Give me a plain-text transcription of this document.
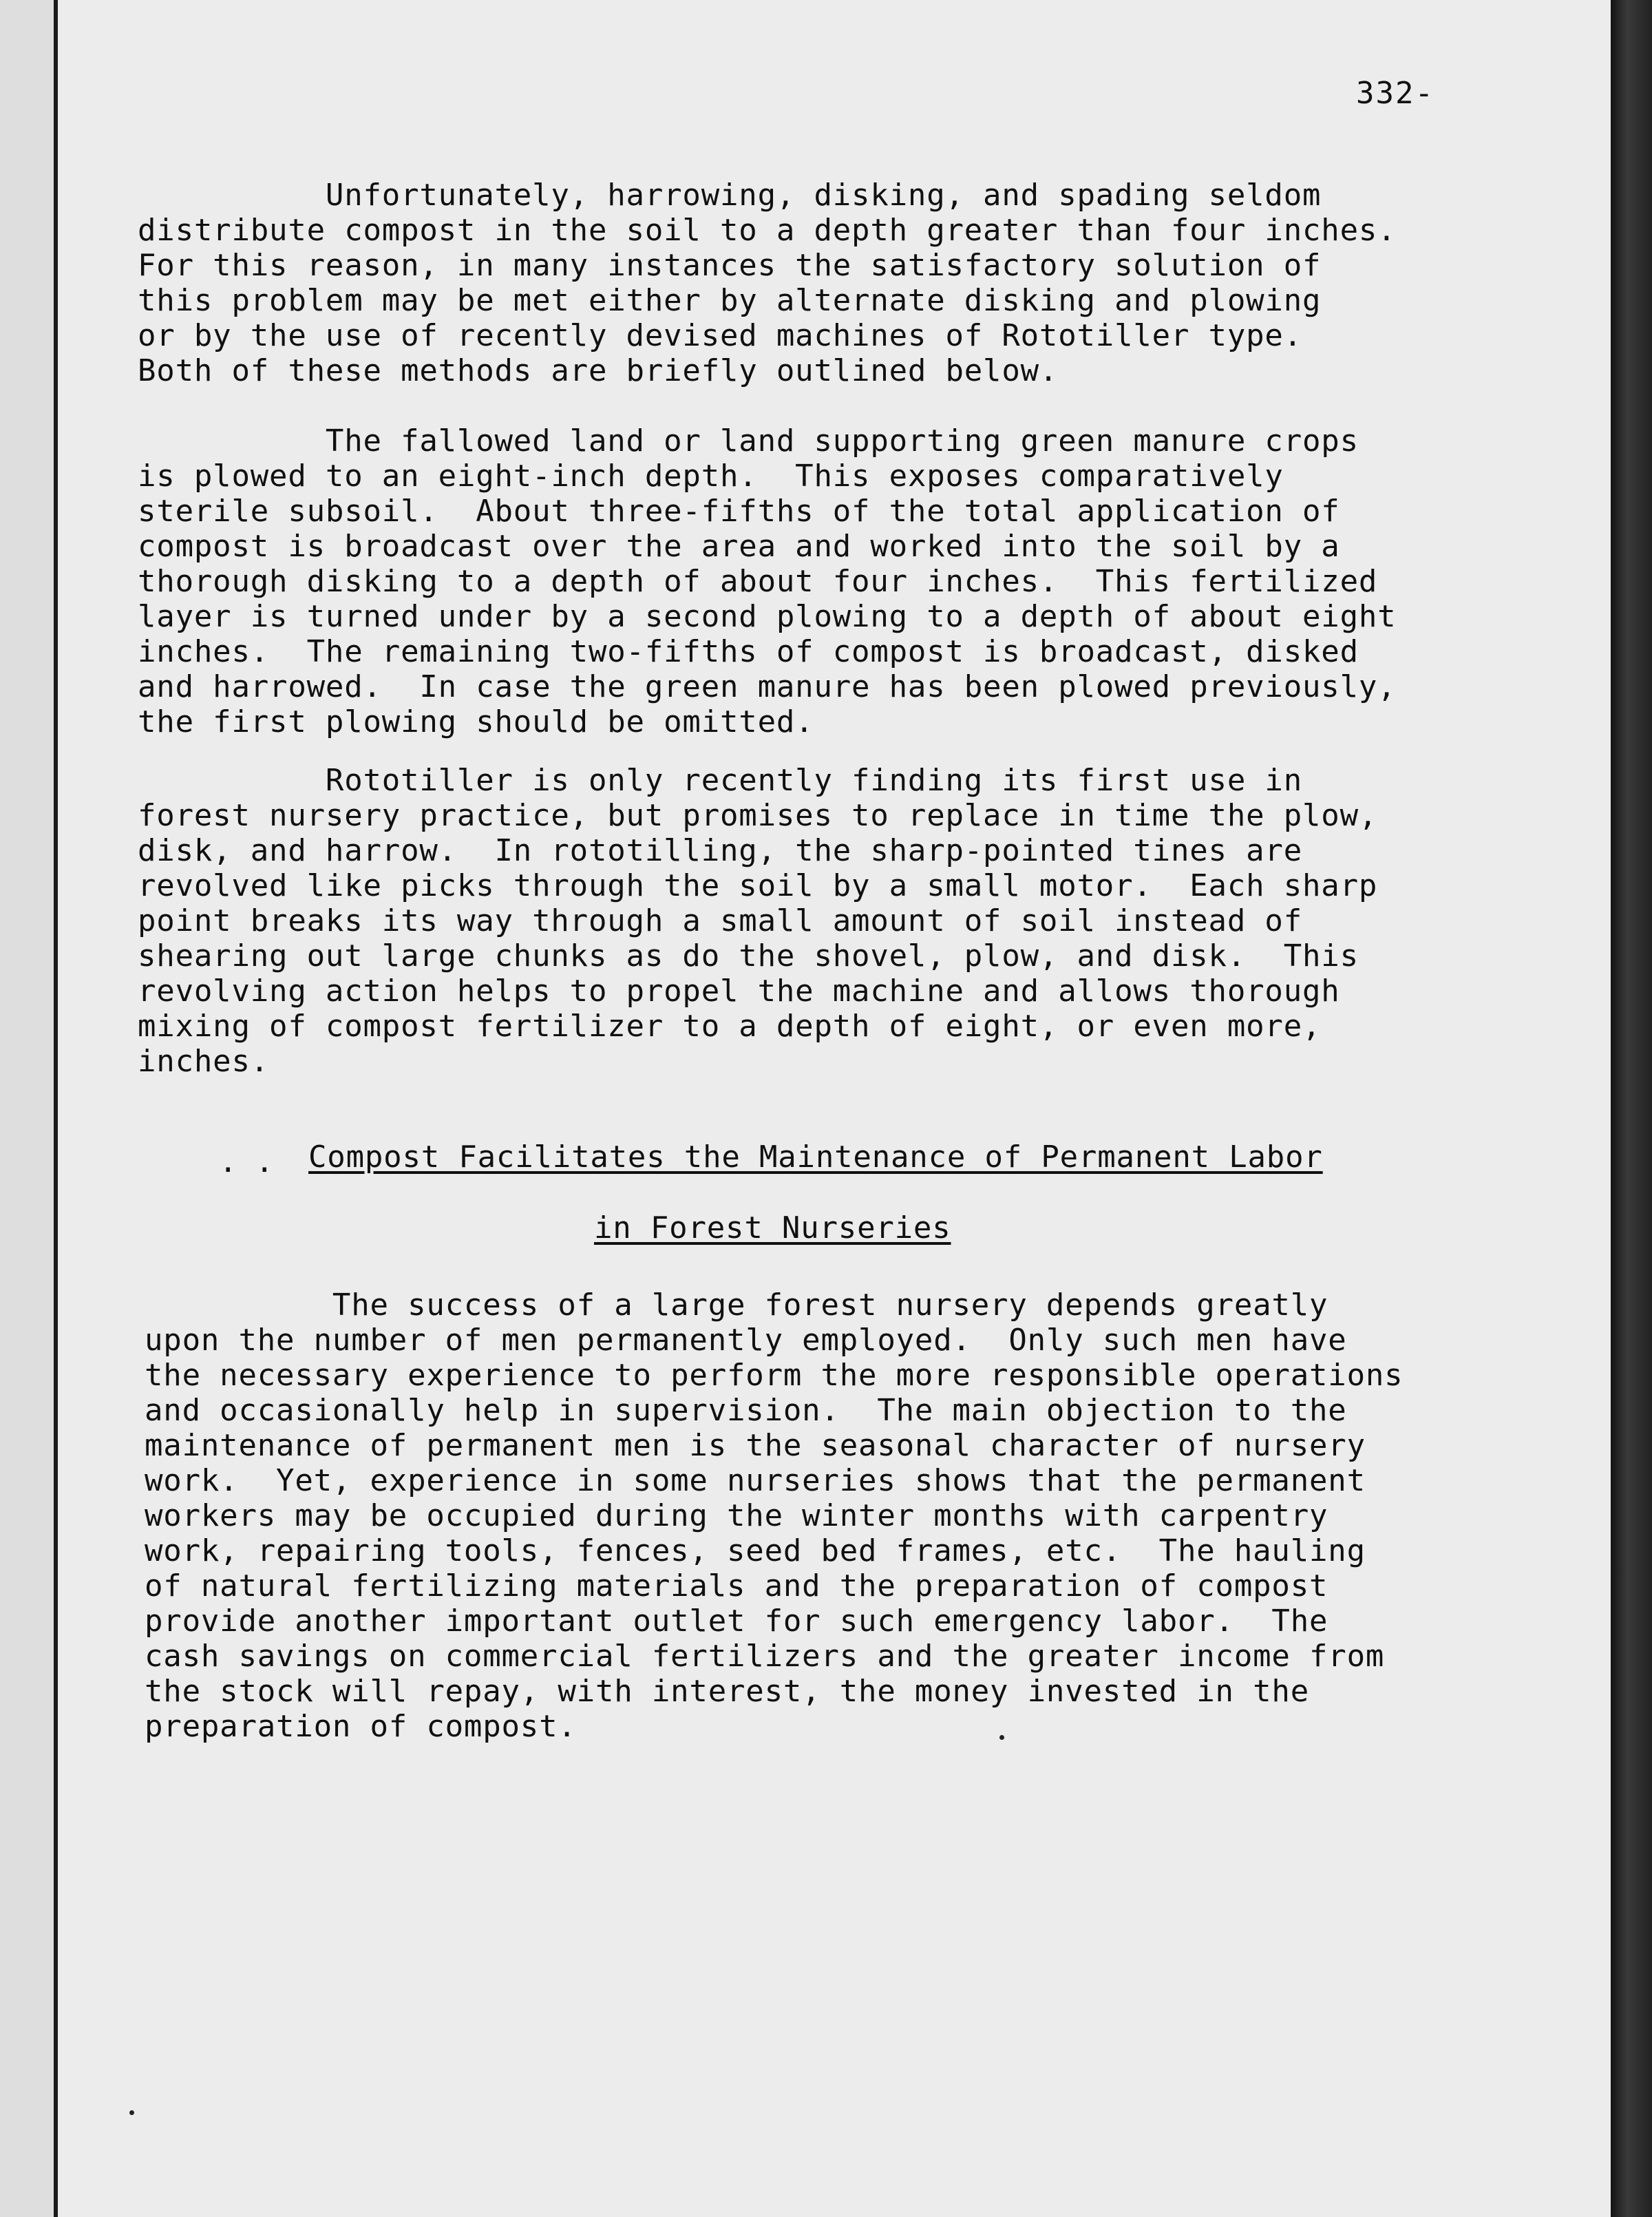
332-

Unfortunately, harrowing, disking, and spading seldom
distribute compost in the soil to a depth greater than four inches.
For this reason, in many instances the satisfactory solution of
this problem may be met either by alternate disking and plowing
or by the use of recently devised machines of Rototiller type.
Both of these methods are briefly outlined below.

The fallowed land or land supporting green manure crops
is plowed to an eight-inch depth.  This exposes comparatively
sterile subsoil.  About three-fifths of the total application of
compost is broadcast over the area and worked into the soil by a
thorough disking to a depth of about four inches.  This fertilized
layer is turned under by a second plowing to a depth of about eight
inches.  The remaining two-fifths of compost is broadcast, disked
and harrowed.  In case the green manure has been plowed previously,
the first plowing should be omitted.

Rototiller is only recently finding its first use in
forest nursery practice, but promises to replace in time the plow,
disk, and harrow.  In rototilling, the sharp-pointed tines are
revolved like picks through the soil by a small motor.  Each sharp
point breaks its way through a small amount of soil instead of
shearing out large chunks as do the shovel, plow, and disk.  This
revolving action helps to propel the machine and allows thorough
mixing of compost fertilizer to a depth of eight, or even more,
inches.

. . Compost Facilitates the Maintenance of Permanent Labor

in Forest Nurseries

The success of a large forest nursery depends greatly
upon the number of men permanently employed.  Only such men have
the necessary experience to perform the more responsible operations
and occasionally help in supervision.  The main objection to the
maintenance of permanent men is the seasonal character of nursery
work.  Yet, experience in some nurseries shows that the permanent
workers may be occupied during the winter months with carpentry
work, repairing tools, fences, seed bed frames, etc.  The hauling
of natural fertilizing materials and the preparation of compost
provide another important outlet for such emergency labor.  The
cash savings on commercial fertilizers and the greater income from
the stock will repay, with interest, the money invested in the
preparation of compost.
